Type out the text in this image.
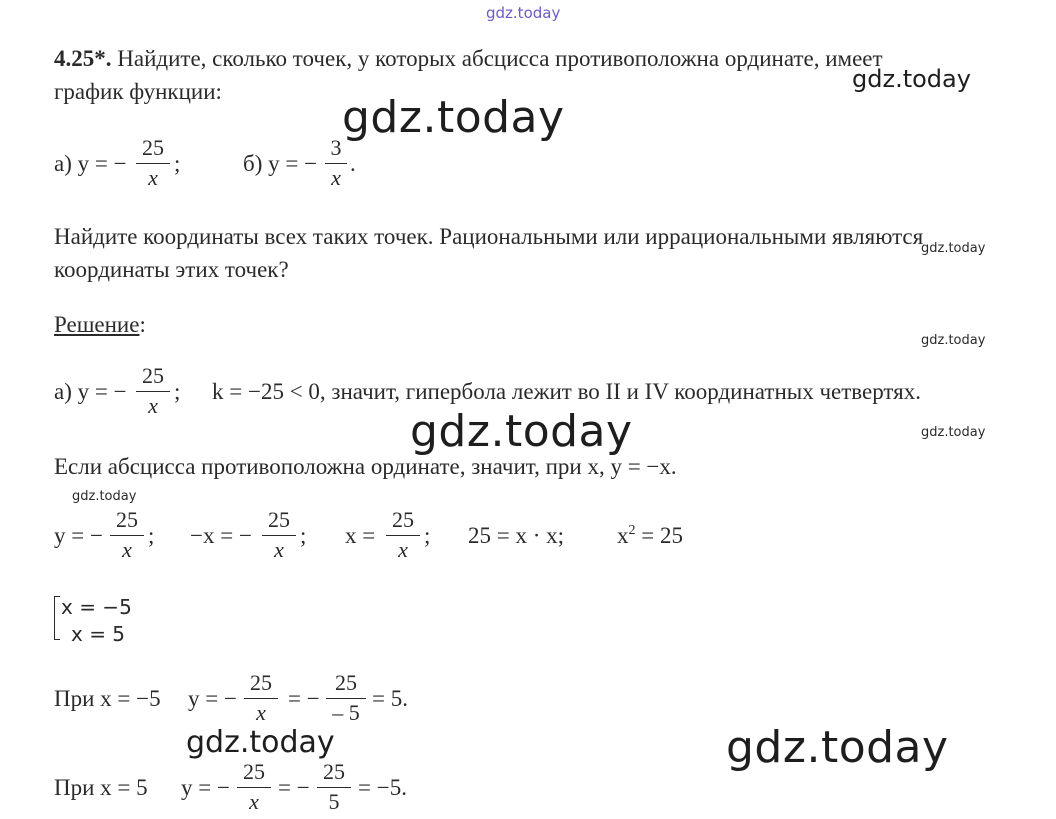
gdz.today
gdz.today
gdz.today
gdz.today
gdz.today
gdz.today	gdz.today
gdz.today
gdz.today	gdz.today
4.25*. Найдите, сколько точек, у которых абсцисса противоположна ординате, имеет
график функции:
а) y = −
25
x
;	б) y = −
3
x
.
Найдите координаты всех таких точек. Рациональными или иррациональными являются
координаты этих точек?
Решение:
а) y = −
25
x
; k = −25 < 0, значит, гипербола лежит во II и IV координатных четвертях.
Если абсцисса противоположна ординате, значит, при x, y = −x.
y = −
25
x
; −x = −
25
x
; x =
25
x
; 25 = x · x; $x^2 = 25$
x = −5
x = 5
При x = −5 y = −
25
x
= −
25
– 5
= 5.
При x = 5 y = −
25
x
= −
25
5
= −5.
